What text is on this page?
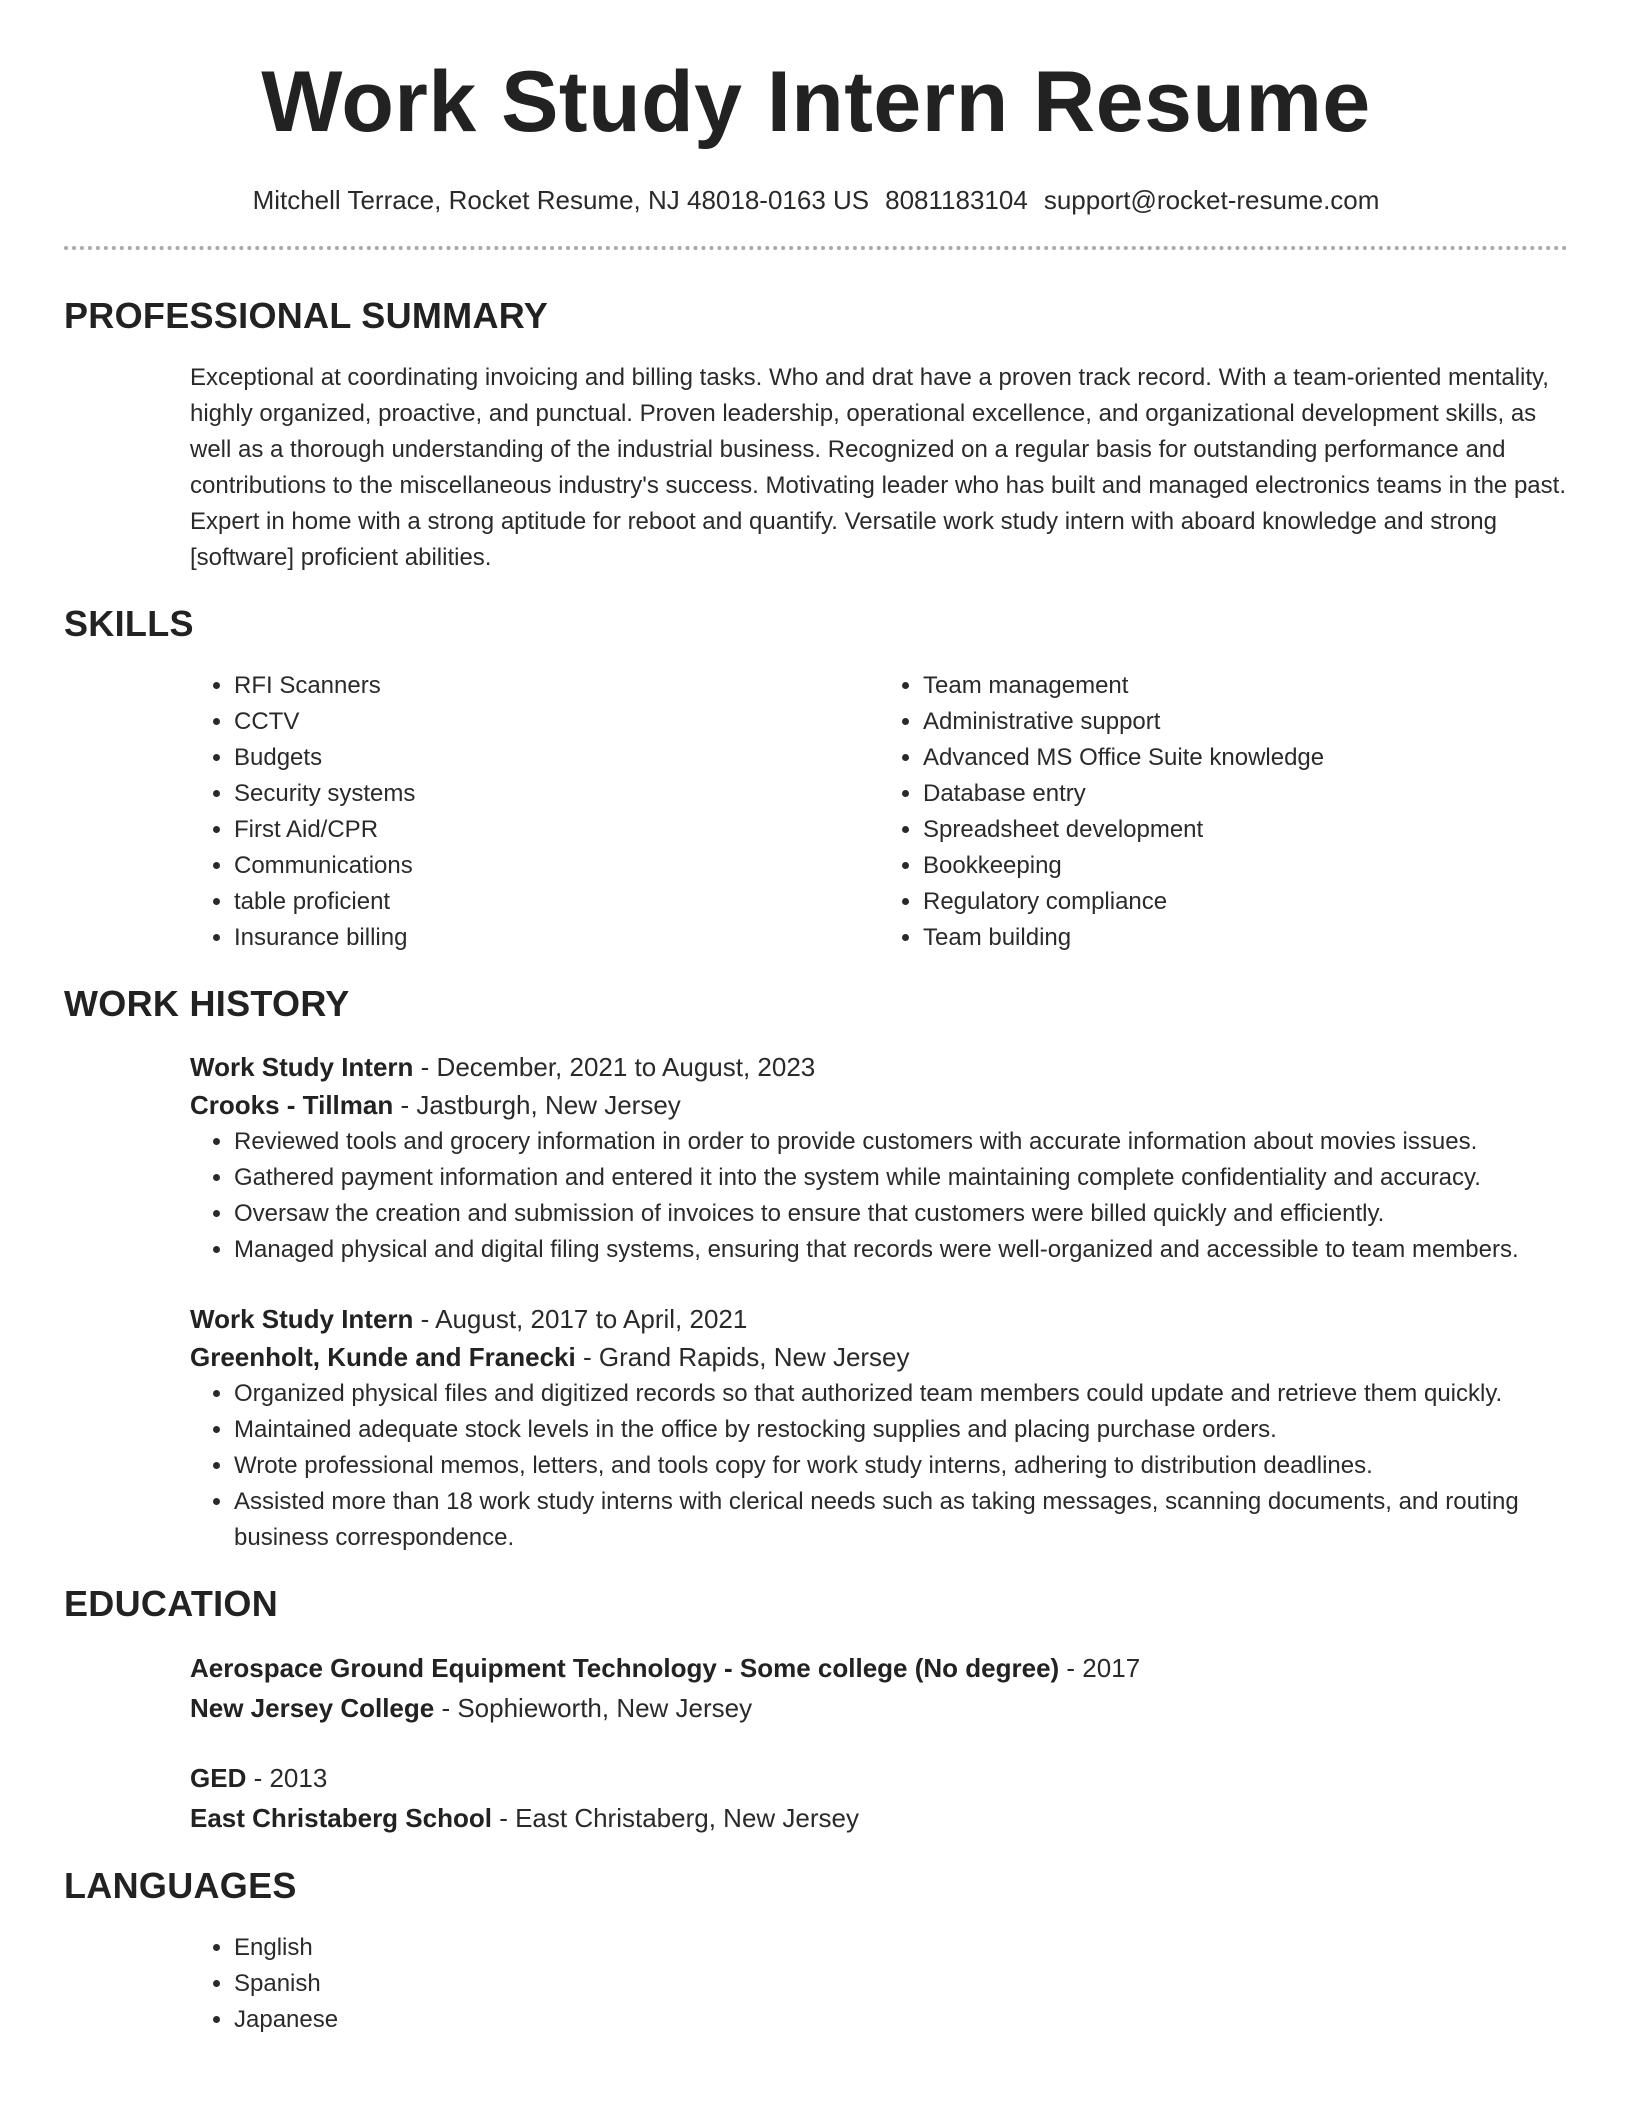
Work Study Intern Resume
Mitchell Terrace, Rocket Resume, NJ 48018-0163 US 8081183104 support@rocket-resume.com
PROFESSIONAL SUMMARY

Exceptional at coordinating invoicing and billing tasks. Who and drat have a proven track record. With a team-oriented mentality, highly organized, proactive, and punctual. Proven leadership, operational excellence, and organizational development skills, as well as a thorough understanding of the industrial business. Recognized on a regular basis for outstanding performance and contributions to the miscellaneous industry's success. Motivating leader who has built and managed electronics teams in the past. Expert in home with a strong aptitude for reboot and quantify. Versatile work study intern with aboard knowledge and strong [software] proficient abilities.

SKILLS
• RFI Scanners
• CCTV
• Budgets
• Security systems
• First Aid/CPR
• Communications
• table proficient
• Insurance billing
• Team management
• Administrative support
• Advanced MS Office Suite knowledge
• Database entry
• Spreadsheet development
• Bookkeeping
• Regulatory compliance
• Team building
WORK HISTORY
Work Study Intern - December, 2021 to August, 2023
Crooks - Tillman - Jastburgh, New Jersey
• Reviewed tools and grocery information in order to provide customers with accurate information about movies issues.
• Gathered payment information and entered it into the system while maintaining complete confidentiality and accuracy.
• Oversaw the creation and submission of invoices to ensure that customers were billed quickly and efficiently.
• Managed physical and digital filing systems, ensuring that records were well-organized and accessible to team members.
Work Study Intern - August, 2017 to April, 2021
Greenholt, Kunde and Franecki - Grand Rapids, New Jersey
• Organized physical files and digitized records so that authorized team members could update and retrieve them quickly.
• Maintained adequate stock levels in the office by restocking supplies and placing purchase orders.
• Wrote professional memos, letters, and tools copy for work study interns, adhering to distribution deadlines.
• Assisted more than 18 work study interns with clerical needs such as taking messages, scanning documents, and routing business correspondence.
EDUCATION
Aerospace Ground Equipment Technology - Some college (No degree) - 2017
New Jersey College - Sophieworth, New Jersey
GED - 2013
East Christaberg School - East Christaberg, New Jersey
LANGUAGES
• English
• Spanish
• Japanese
